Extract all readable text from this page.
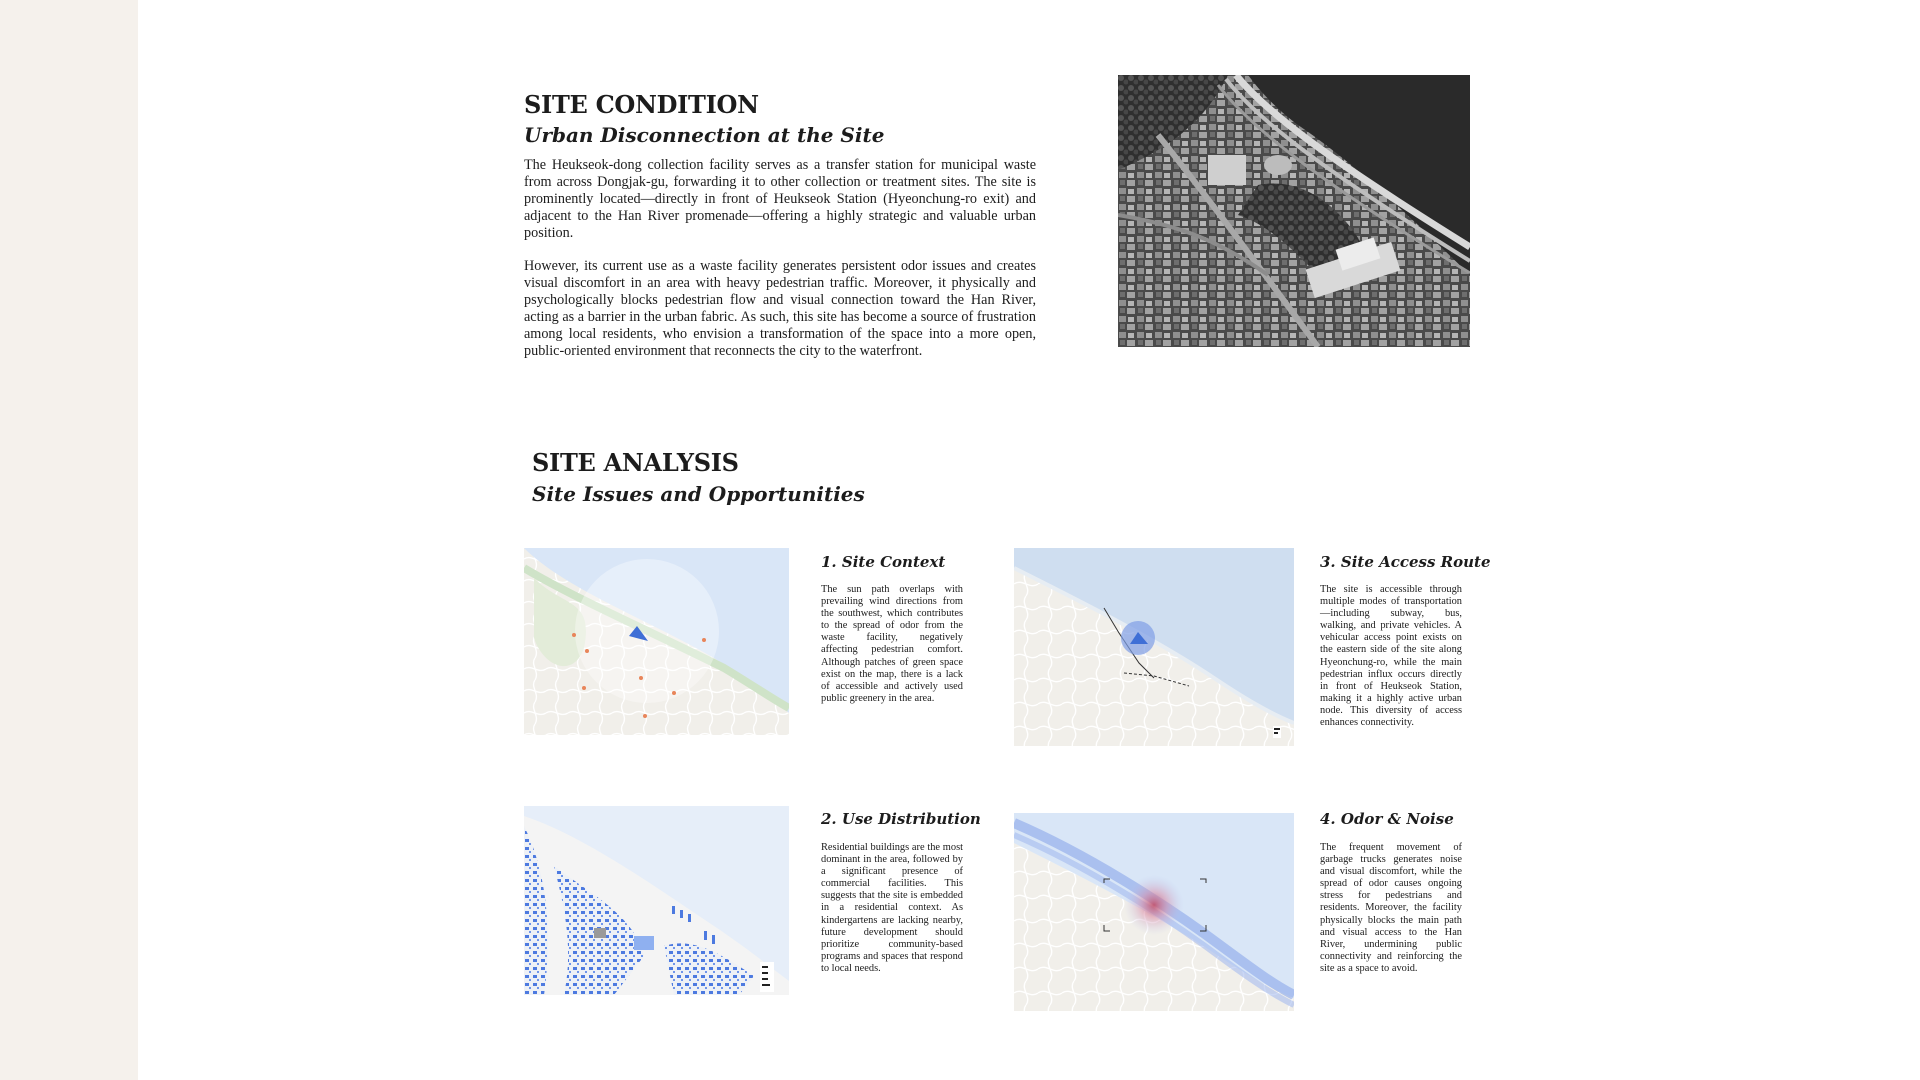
SITE CONDITION
Urban Disconnection at the Site

The Heukseok-dong collection facility serves as a transfer station for municipal waste from across Dongjak-gu, forwarding it to other collection or treatment sites. The site is prominently located—directly in front of Heukseok Station (Hyeonchung-ro exit) and adjacent to the Han River promenade—offering a highly strategic and valuable urban position.

However, its current use as a waste facility generates persistent odor issues and creates visual discomfort in an area with heavy pedestrian traffic. Moreover, it physically and psychologically blocks pedestrian flow and visual connection toward the Han River, acting as a barrier in the urban fabric. As such, this site has become a source of frustration among local residents, who envision a transformation of the space into a more open, public-oriented environment that reconnects the city to the waterfront.

SITE ANALYSIS
Site Issues and Opportunities
1. Site Context

The sun path overlaps with prevailing wind directions from the southwest, which contributes to the spread of odor from the waste facility, negatively affecting pedestrian comfort. Although patches of green space exist on the map, there is a lack of accessible and actively used public greenery in the area.

2. Use Distribution

Residential buildings are the most dominant in the area, followed by a significant presence of commercial facilities. This suggests that the site is embedded in a residential context. As kindergartens are lacking nearby, future development should prioritize community-based programs and spaces that respond to local needs.

3. Site Access Route

The site is accessible through multiple modes of transportation—including subway, bus, walking, and private vehicles. A vehicular access point exists on the eastern side of the site along Hyeonchung-ro, while the main pedestrian influx occurs directly in front of Heukseok Station, making it a highly active urban node. This diversity of access enhances connectivity.

4. Odor & Noise

The frequent movement of garbage trucks generates noise and visual discomfort, while the spread of odor causes ongoing stress for pedestrians and residents. Moreover, the facility physically blocks the main path and visual access to the Han River, undermining public connectivity and reinforcing the site as a space to avoid.
